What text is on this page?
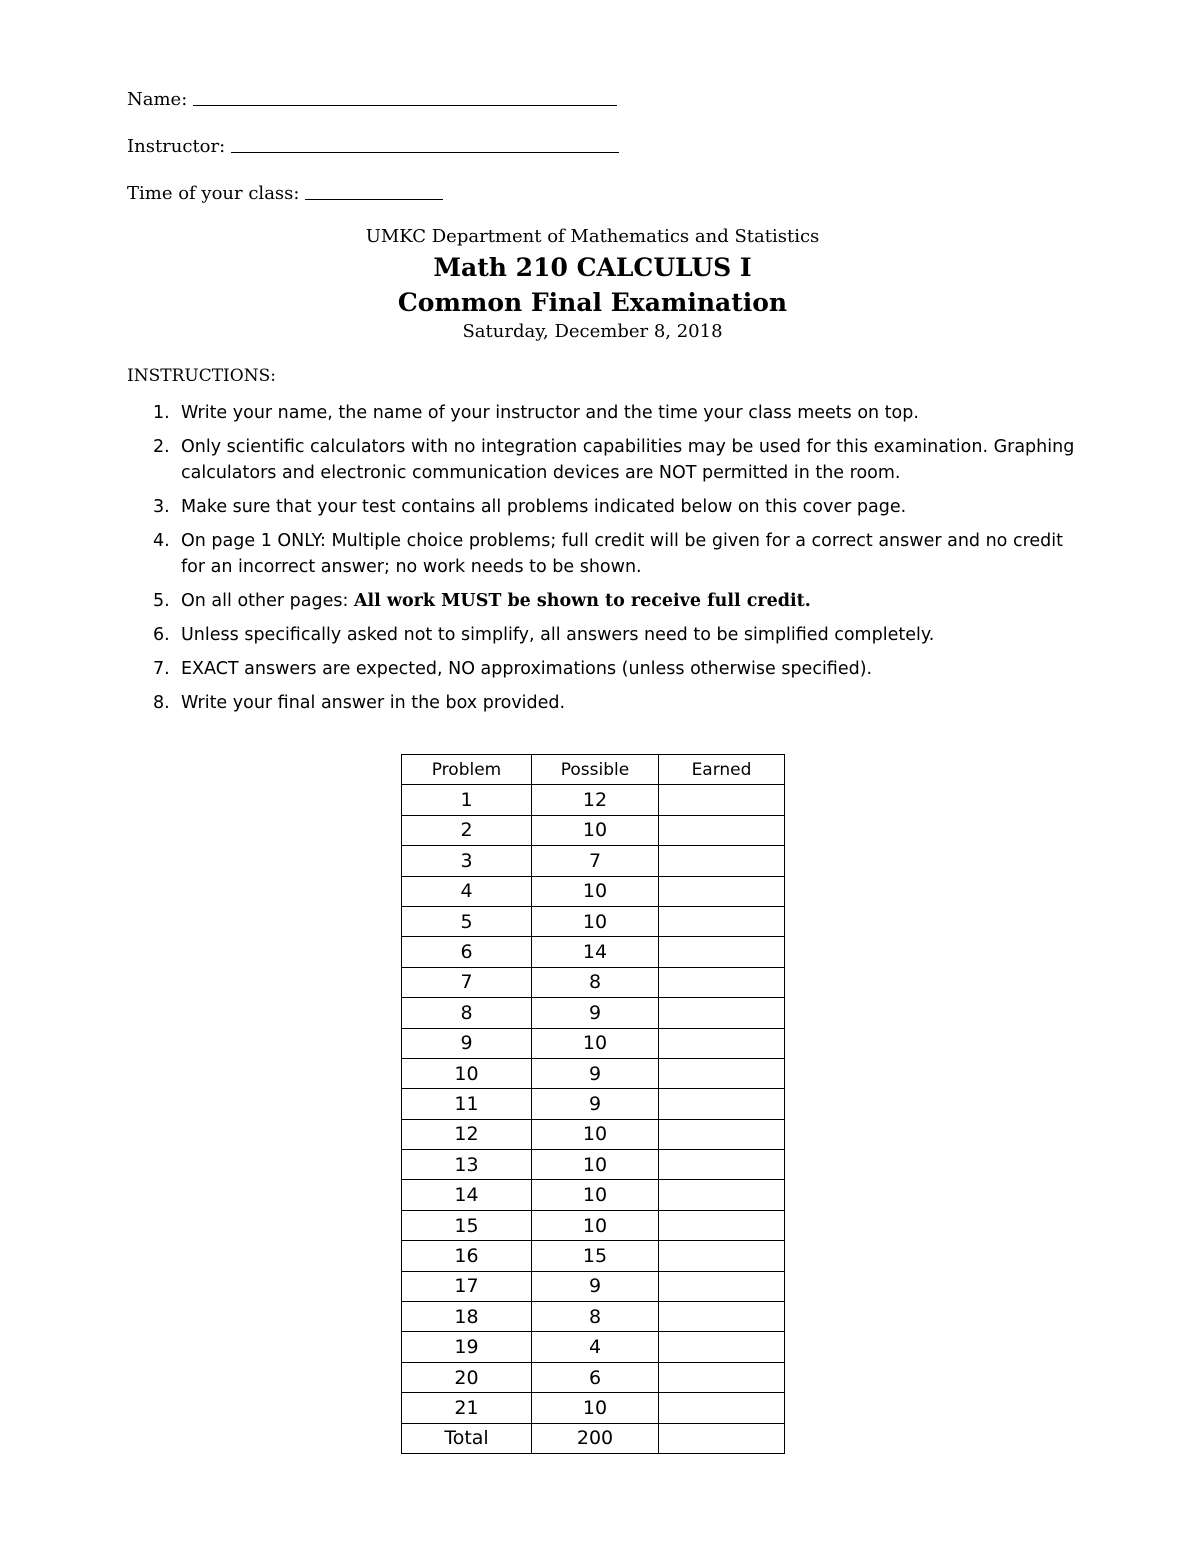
Name:
Instructor:
Time of your class:
UMKC Department of Mathematics and Statistics
Math 210 CALCULUS I
Common Final Examination
Saturday, December 8, 2018
INSTRUCTIONS:
1. Write your name, the name of your instructor and the time your class meets on top.
2. Only scientific calculators with no integration capabilities may be used for this examination. Graphing calculators and electronic communication devices are NOT permitted in the room.
3. Make sure that your test contains all problems indicated below on this cover page.
4. On page 1 ONLY: Multiple choice problems; full credit will be given for a correct answer and no credit for an incorrect answer; no work needs to be shown.
5. On all other pages: All work MUST be shown to receive full credit.
6. Unless specifically asked not to simplify, all answers need to be simplified completely.
7. EXACT answers are expected, NO approximations (unless otherwise specified).
8. Write your final answer in the box provided.
Problem	Possible	Earned
1	12	
2	10	
3	7	
4	10	
5	10	
6	14	
7	8	
8	9	
9	10	
10	9	
11	9	
12	10	
13	10	
14	10	
15	10	
16	15	
17	9	
18	8	
19	4	
20	6	
21	10	
Total	200	
